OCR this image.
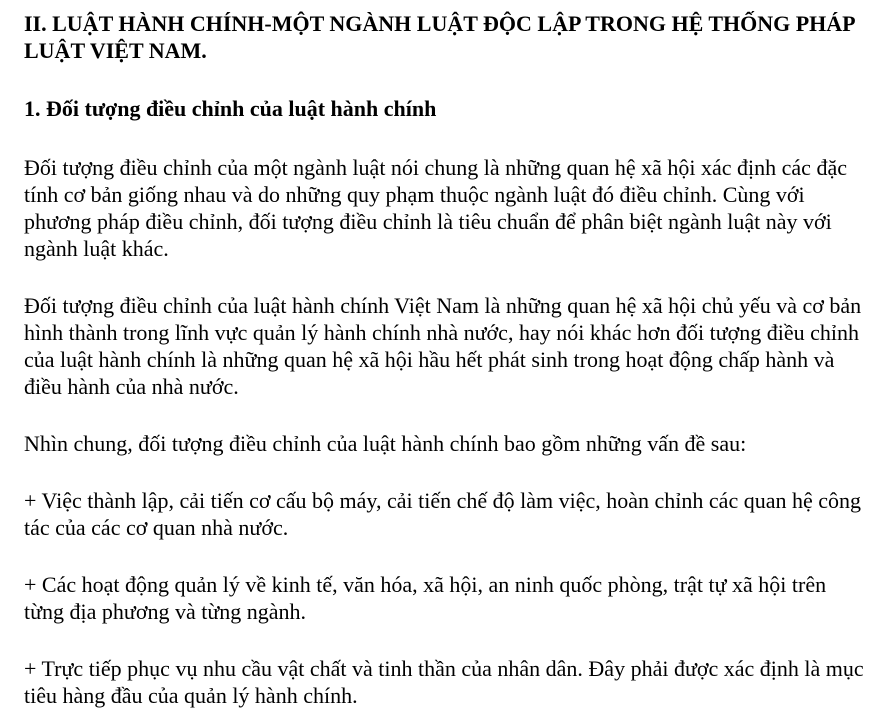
II. LUẬT HÀNH CHÍNH-MỘT NGÀNH LUẬT ĐỘC LẬP TRONG HỆ THỐNG PHÁP LUẬT VIỆT NAM.
1. Đối tượng điều chỉnh của luật hành chính

Đối tượng điều chỉnh của một ngành luật nói chung là những quan hệ xã hội xác định các đặc tính cơ bản giống nhau và do những quy phạm thuộc ngành luật đó điều chỉnh. Cùng với phương pháp điều chỉnh, đối tượng điều chỉnh là tiêu chuẩn để phân biệt ngành luật này với ngành luật khác.

Đối tượng điều chỉnh của luật hành chính Việt Nam là những quan hệ xã hội chủ yếu và cơ bản hình thành trong lĩnh vực quản lý hành chính nhà nước, hay nói khác hơn đối tượng điều chỉnh của luật hành chính là những quan hệ xã hội hầu hết phát sinh trong hoạt động chấp hành và điều hành của nhà nước.

Nhìn chung, đối tượng điều chỉnh của luật hành chính bao gồm những vấn đề sau:

+ Việc thành lập, cải tiến cơ cấu bộ máy, cải tiến chế độ làm việc, hoàn chỉnh các quan hệ công tác của các cơ quan nhà nước.

+ Các hoạt động quản lý về kinh tế, văn hóa, xã hội, an ninh quốc phòng, trật tự xã hội trên từng địa phương và từng ngành.

+ Trực tiếp phục vụ nhu cầu vật chất và tinh thần của nhân dân. Đây phải được xác định là mục tiêu hàng đầu của quản lý hành chính.
